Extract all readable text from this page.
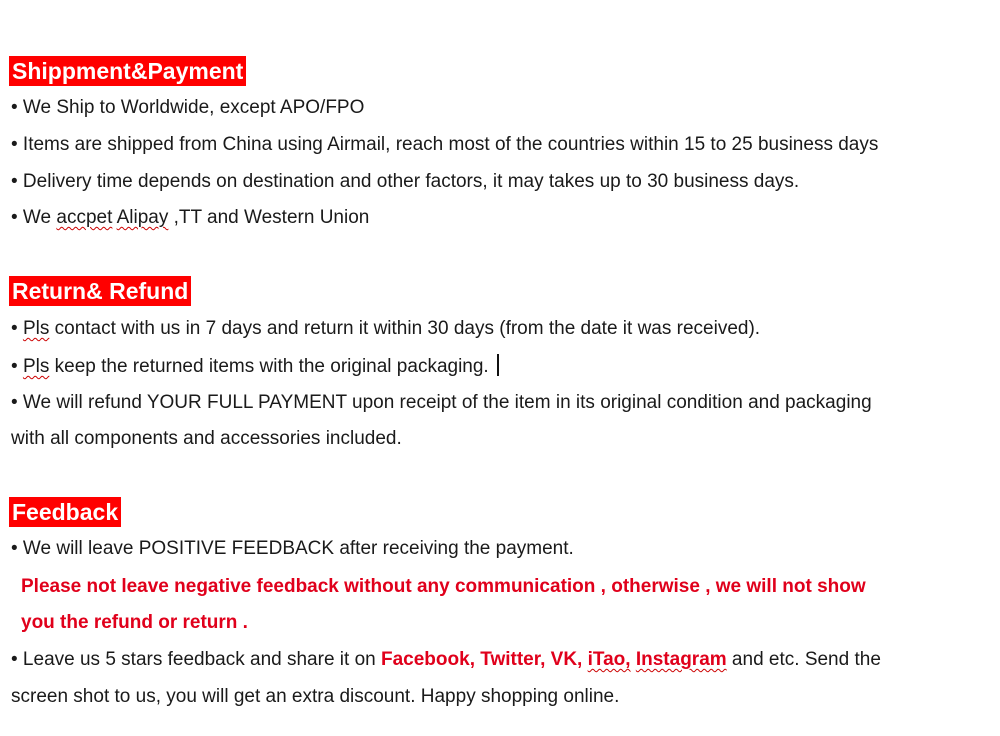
Shippment&Payment
• We Ship to Worldwide, except APO/FPO
• Items are shipped from China using Airmail, reach most of the countries within 15 to 25 business days
• Delivery time depends on destination and other factors, it may takes up to 30 business days.
• We accpet Alipay ,TT and Western Union
Return& Refund
• Pls contact with us in 7 days and return it within 30 days (from the date it was received).
• Pls keep the returned items with the original packaging.
• We will refund YOUR FULL PAYMENT upon receipt of the item in its original condition and packaging
with all components and accessories included.
Feedback
• We will leave POSITIVE FEEDBACK after receiving the payment.
Please not leave negative feedback without any communication , otherwise , we will not show
you the refund or return .
• Leave us 5 stars feedback and share it on Facebook, Twitter, VK, iTao, Instagram and etc. Send the
screen shot to us, you will get an extra discount. Happy shopping online.
